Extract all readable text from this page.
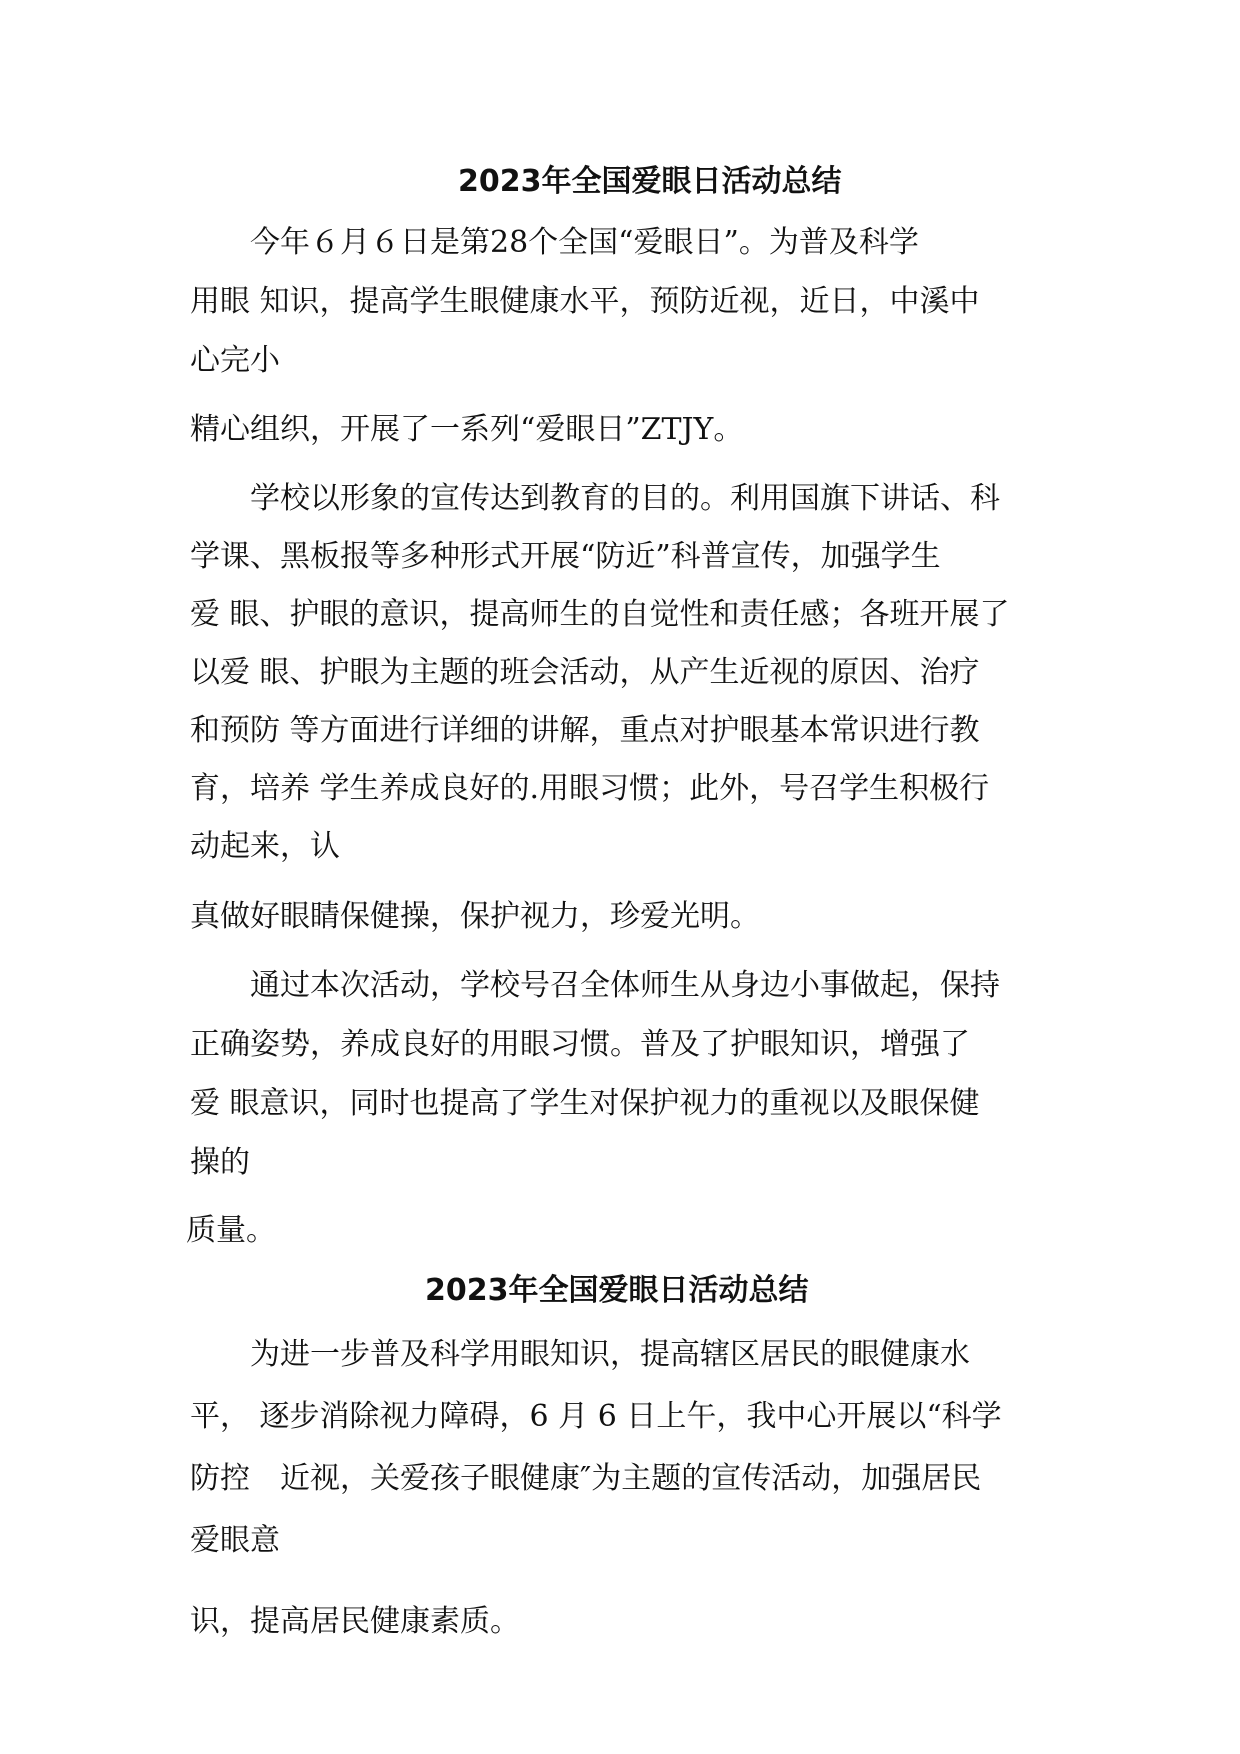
2023年全国爱眼日活动总结
　　今年６月６日是第28个全国“爱眼日”。为普及科学
用眼 知识，提高学生眼健康水平，预防近视，近日，中溪中
心完小
精心组织，开展了一系列“爱眼日”ZTJY。
　　学校以形象的宣传达到教育的目的。利用国旗下讲话、科
学课、黑板报等多种形式开展“防近”科普宣传，加强学生
爱 眼、护眼的意识，提高师生的自觉性和责任感；各班开展了
以爱 眼、护眼为主题的班会活动，从产生近视的原因、治疗
和预防 等方面进行详细的讲解，重点对护眼基本常识进行教
育，培养 学生养成良好的.用眼习惯；此外，号召学生积极行
动起来，认
真做好眼睛保健操，保护视力，珍爱光明。
　　通过本次活动，学校号召全体师生从身边小事做起，保持
正确姿势，养成良好的用眼习惯。普及了护眼知识，增强了
爱 眼意识，同时也提高了学生对保护视力的重视以及眼保健
操的
质量。
2023年全国爱眼日活动总结
　　为进一步普及科学用眼知识，提高辖区居民的眼健康水
平， 逐步消除视力障碍，6 月 6 日上午，我中心开展以“科学
防控　近视，关爱孩子眼健康″为主题的宣传活动，加强居民
爱眼意
识，提高居民健康素质。
